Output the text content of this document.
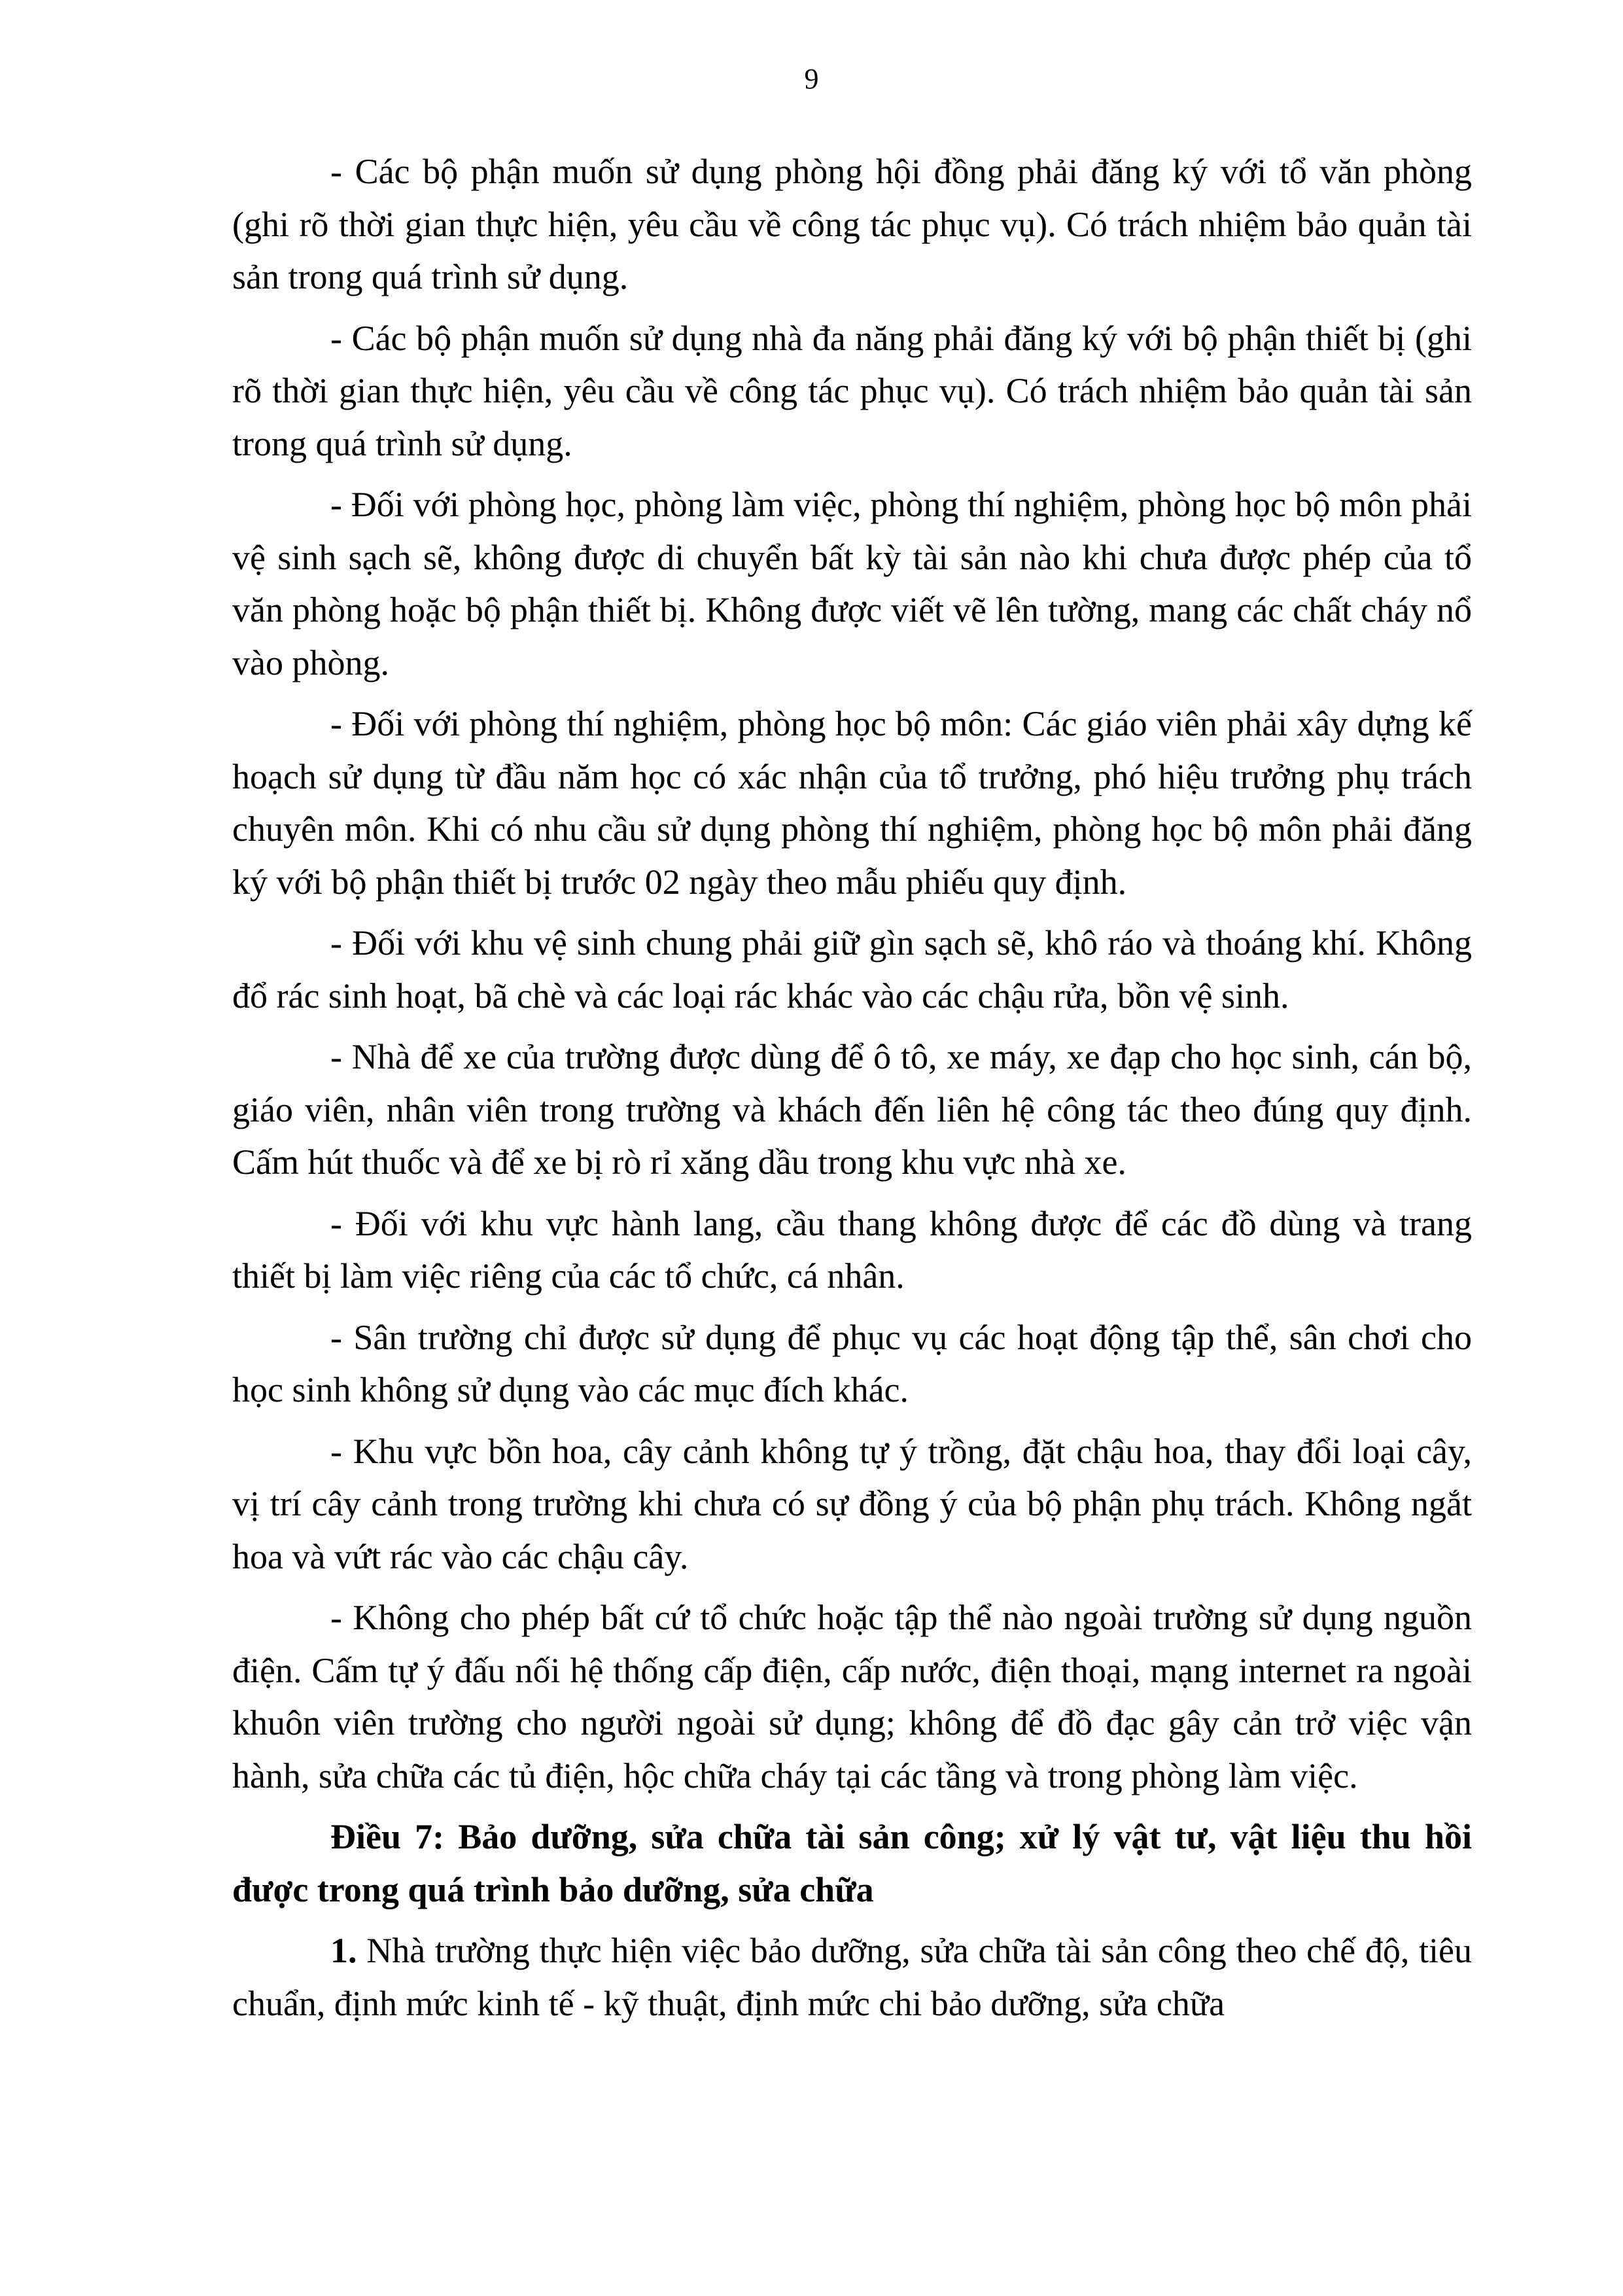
9

- Các bộ phận muốn sử dụng phòng hội đồng phải đăng ký với tổ văn phòng (ghi rõ thời gian thực hiện, yêu cầu về công tác phục vụ). Có trách nhiệm bảo quản tài sản trong quá trình sử dụng.

- Các bộ phận muốn sử dụng nhà đa năng phải đăng ký với bộ phận thiết bị (ghi rõ thời gian thực hiện, yêu cầu về công tác phục vụ). Có trách nhiệm bảo quản tài sản trong quá trình sử dụng.

- Đối với phòng học, phòng làm việc, phòng thí nghiệm, phòng học bộ môn phải vệ sinh sạch sẽ, không được di chuyển bất kỳ tài sản nào khi chưa được phép của tổ văn phòng hoặc bộ phận thiết bị. Không được viết vẽ lên tường, mang các chất cháy nổ vào phòng.

- Đối với phòng thí nghiệm, phòng học bộ môn: Các giáo viên phải xây dựng kế hoạch sử dụng từ đầu năm học có xác nhận của tổ trưởng, phó hiệu trưởng phụ trách chuyên môn. Khi có nhu cầu sử dụng phòng thí nghiệm, phòng học bộ môn phải đăng ký với bộ phận thiết bị trước 02 ngày theo mẫu phiếu quy định.

- Đối với khu vệ sinh chung phải giữ gìn sạch sẽ, khô ráo và thoáng khí. Không đổ rác sinh hoạt, bã chè và các loại rác khác vào các chậu rửa, bồn vệ sinh.

- Nhà để xe của trường được dùng để ô tô, xe máy, xe đạp cho học sinh, cán bộ, giáo viên, nhân viên trong trường và khách đến liên hệ công tác theo đúng quy định. Cấm hút thuốc và để xe bị rò rỉ xăng dầu trong khu vực nhà xe.

- Đối với khu vực hành lang, cầu thang không được để các đồ dùng và trang thiết bị làm việc riêng của các tổ chức, cá nhân.

- Sân trường chỉ được sử dụng để phục vụ các hoạt động tập thể, sân chơi cho học sinh không sử dụng vào các mục đích khác.

- Khu vực bồn hoa, cây cảnh không tự ý trồng, đặt chậu hoa, thay đổi loại cây, vị trí cây cảnh trong trường khi chưa có sự đồng ý của bộ phận phụ trách. Không ngắt hoa và vứt rác vào các chậu cây.

- Không cho phép bất cứ tổ chức hoặc tập thể nào ngoài trường sử dụng nguồn điện. Cấm tự ý đấu nối hệ thống cấp điện, cấp nước, điện thoại, mạng internet ra ngoài khuôn viên trường cho người ngoài sử dụng; không để đồ đạc gây cản trở việc vận hành, sửa chữa các tủ điện, hộc chữa cháy tại các tầng và trong phòng làm việc.

Điều 7: Bảo dưỡng, sửa chữa tài sản công; xử lý vật tư, vật liệu thu hồi được trong quá trình bảo dưỡng, sửa chữa

1. Nhà trường thực hiện việc bảo dưỡng, sửa chữa tài sản công theo chế độ, tiêu chuẩn, định mức kinh tế - kỹ thuật, định mức chi bảo dưỡng, sửa chữa
